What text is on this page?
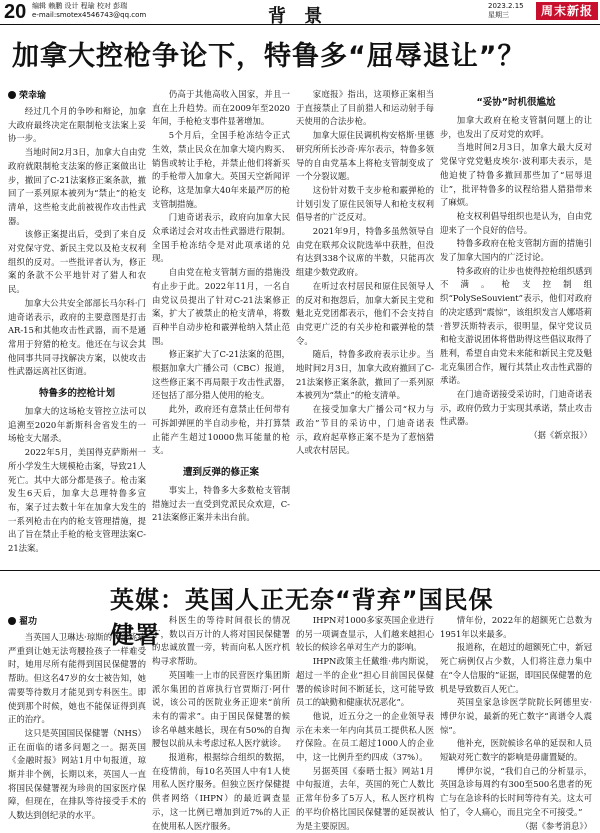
20 编辑 赖鹏 设计 程瑜 校对 彭瑞
e-mail:smotex4546743@qq.com	背 景	2023.2.15
星期三	周末新报
加拿大控枪争论下，特鲁多“屈辱退让”？
荣幸瑜

经过几个月的争吵和辩论，加拿大政府最终决定在限制枪支法案上妥协一步。

当地时间2月3日，加拿大自由党政府就限制枪支法案的修正案做出让步，撤回了C-21法案修正案条款，撤回了一系列原本被列为“禁止”的枪支清单，这些枪支此前被视作攻击性武器。

该修正案提出后，受到了来自反对党保守党、新民主党以及枪支权利组织的反对。一些批评者认为，修正案的条款不公平地针对了猎人和农民。

加拿大公共安全部部长马尔科·门迪奇诺表示，政府的主要意图是打击AR-15和其他攻击性武器，而不是通常用于狩猎的枪支。他还在与议会其他同事共同寻找解决方案，以使攻击性武器远离社区街道。

特鲁多的控枪计划

加拿大的这场枪支管控立法可以追溯至2020年新斯科舍省发生的一场枪支大屠杀。

2022年5月，美国得克萨斯州一所小学发生大规模枪击案，导致21人死亡。其中大部分都是孩子。枪击案发生6天后，加拿大总理特鲁多宣布，案子过去数十年在加拿大发生的一系列枪击在内的枪支管理措施，提出了旨在禁止手枪的枪支管理法案C-21法案。

仍高于其他高收入国家，并且一直在上升趋势。而在2009年至2020年间，手枪枪支事件显著增加。

5个月后，全国手枪冻结令正式生效，禁止民众在加拿大境内购买、销售或转让手枪，并禁止他们将新买的手枪带入加拿大。英国天空新闻评论称，这是加拿大40年来最严厉的枪支管制措施。

门迪奇诺表示，政府向加拿大民众承诺过会对攻击性武器进行限制。全国手枪冻结令是对此项承诺的兑现。

自由党在枪支管制方面的措施没有止步于此。2022年11月，一名自由党议员提出了针对C-21法案修正案，扩大了被禁止的枪支清单，将数百种半自动步枪和霰弹枪纳入禁止范围。

修正案扩大了C-21法案的范围，根据加拿大广播公司（CBC）报道，这些修正案不再局限于攻击性武器，还包括了部分猎人使用的枪支。

此外，政府还有意禁止任何带有可拆卸弹匣的半自动步枪，并打算禁止能产生超过10000焦耳能量的枪支。

遭到反弹的修正案

事实上，特鲁多大多数枪支管制措施过去一直受到党派民众欢迎，C-21法案修正案并未出台前。

家庭报》指出，这项修正案相当于直接禁止了目前猎人和运动射手每天使用的合法步枪。

加拿大原住民调机构安格斯·里德研究所所长沙奇·库尔表示，特鲁多领导的自由党基本上将枪支管制变成了一个分裂议题。

这份针对数千支步枪和霰弹枪的计划引发了原住民领导人和枪支权利倡导者的广泛反对。

2021年9月，特鲁多虽然领导自由党在联邦众议院选举中获胜，但没有达到338个议席的半数，只能再次组建少数党政府。

在听过农村居民和原住民领导人的反对和抱怨后，加拿大新民主党和魁北克党团都表示，他们不会支持自由党更广泛的有关步枪和霰弹枪的禁令。

随后，特鲁多政府表示让步。当地时间2月3日，加拿大政府撤回了C-21法案修正案条款，撤回了一系列原本被列为“禁止”的枪支清单。

在接受加拿大广播公司“权力与政治”节目的采访中，门迪奇诺表示，政府起草修正案不是为了惹恼猎人或农村居民。

“妥协”时机很尴尬

加拿大政府在枪支管制问题上的让步，也发出了反对党的欢呼。

当地时间2月3日，加拿大最大反对党保守党党魁皮埃尔·波利耶夫表示，是他迫使了特鲁多撤回那些加了“屈辱退让”，批评特鲁多的议程给猎人猎猎带来了麻烦。

枪支权利倡导组织也是认为，自由党迎来了一个良好的信号。

特鲁多政府在枪支管制方面的措施引发了加拿大国内的广泛讨论。

特多政府的让步也使得控枪组织感到不满。枪支控制组织“PolySeSouvient”表示，他们对政府的决定感到“震惊”，该组织发言人娜塔莉·普罗沃斯特表示，很明显，保守党议员和枪支游说团体将借助得这些倡议取得了胜利，希望自由党未来能和新民主党及魁北克集团合作，履行其禁止攻击性武器的承诺。

在门迪奇诺接受采访时，门迪奇诺表示，政府仍致力于实现其承诺，禁止攻击性武器。

（据《新京报》）
英媒：英国人正无奈“背弃”国民保健署
翟功

当英国人卫琳达·琼斯的背部疼痛严重到让她无法弯腰捡孩子一样难受时，她用尽所有能得到国民保健署的帮助。但这名47岁的女士被告知，她需要等待数月才能见到专科医生。即使到那个时候，她也不能保证得到真正的治疗。

这只是英国国民保健署（NHS）正在面临的诸多问题之一。据英国《金融时报》网站1月中旬报道，琼斯并非个例，长期以来，英国人一直将国民保健署视为珍贵的国家医疗保障，但现在，在排队等待接受手术的人数达到创纪录的水平。

科医生的等待时间很长的情况下，数以百万计的人将对国民保健署的忠诚放置一旁，转而向私人医疗机构寻求帮助。

英国唯一上市的民营医疗集团斯派尔集团的首席执行官贾斯汀·阿什说，该公司的医院业务正迎来“前所未有的需求”。由于国民保健署的候诊名单越来越长，现在有50%的自掏腰包以前从未考虑过私人医疗就诊。

报道称，根据综合组织的数据，在疫情前，每10名英国人中有1人使用私人医疗服务。但独立医疗保健提供者网络（IHPN）的最近调查显示，这一比例已增加到近7%的人正在使用私人医疗服务。

IHPN对1000多家英国企业进行的另一项调查显示，人们越来越担心较长的候诊名单对生产力的影响。

IHPN政策主任戴维·弗内斯说，超过一半的企业“担心目前国民保健署的候诊时间不断延长，这可能导致员工的缺勤和健康状况恶化”。

他说，近五分之一的企业领导表示在未来一年内向其员工提供私人医疗保险。在员工超过1000人的企业中，这一比例升至约四成（37%）。

另据英国《泰晤士报》网站1月中旬报道，去年，英国的死亡人数比正常年份多了5万人，私人医疗机构的平均价格比国民保健署的延误被认为是主要原因。

情年份，2022年的超额死亡总数为1951年以来最多。

报道称，在超过的超额死亡中，新冠死亡病例仅占少数，人们将注意力集中在“令人信服的”证据，即国民保健署的危机是导致数百人死亡。

英国皇家急诊医学院院长阿德里安·博伊尔说，最新的死亡数字“离谱令人震惊”。

他补充，医院候诊名单的延误和人员短缺对死亡数字的影响是毋庸置疑的。

博伊尔说，“我们自己的分析显示，英国急诊每周约有300至500名患者的死亡与在急诊科的长时间等待有关。这太可怕了，令人痛心，而且完全不可接受。”

（据《参考消息》）
